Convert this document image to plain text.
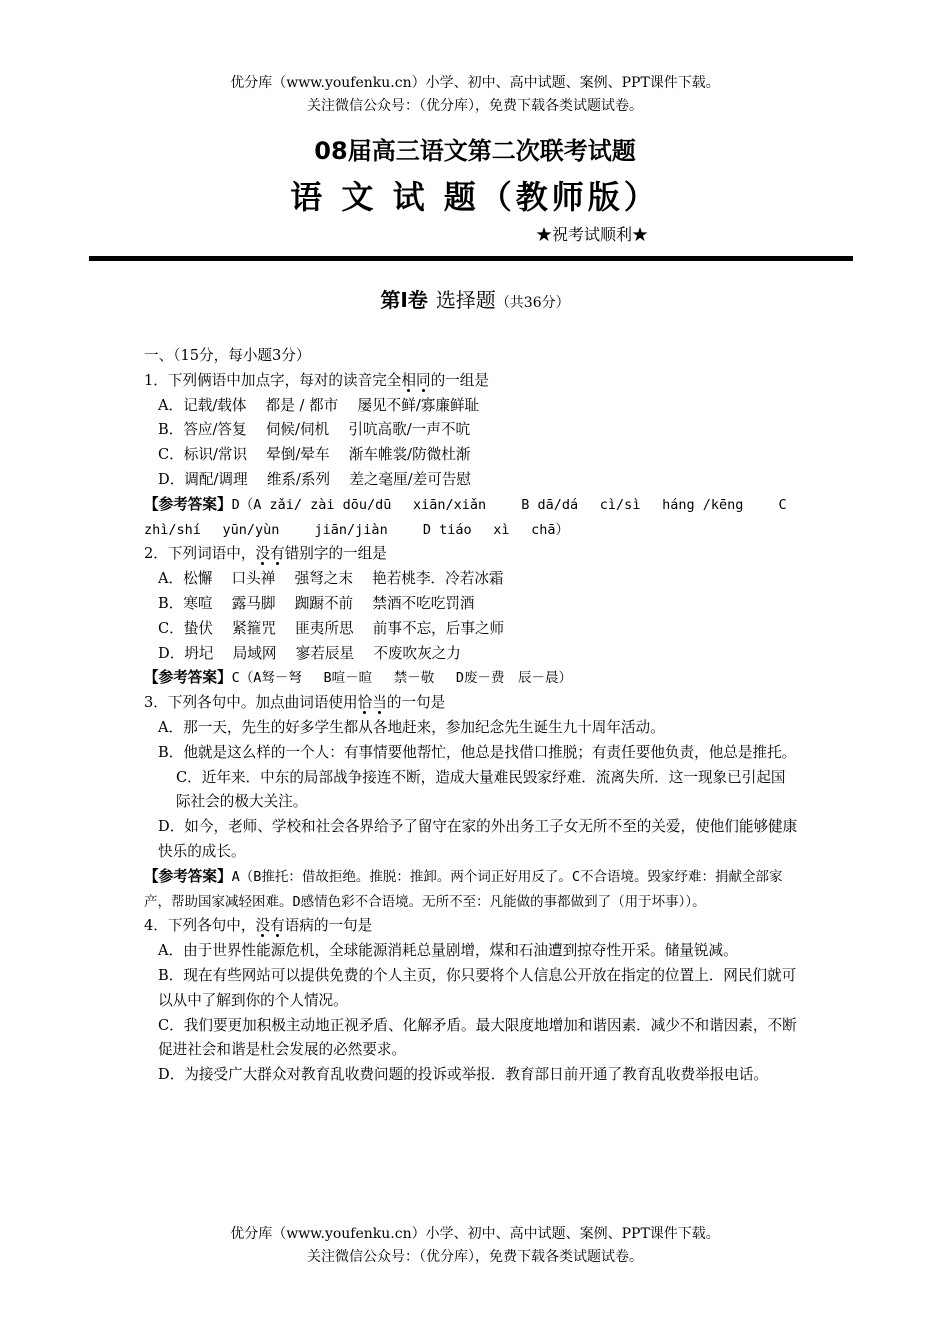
优分库（www.youfenku.cn）小学、初中、高中试题、案例、PPT课件下载。
关注微信公众号：（优分库），免费下载各类试题试卷。
08届高三语文第二次联考试题
语 文 试 题（教师版）
★祝考试顺利★
第Ⅰ卷 选择题（共36分）

一、（15分，每小题3分）

1．下列俩语中加点字，每对的读音完全相同的一组是

A．记载/载体　 都是 / 都市　 屡见不鲜/寡廉鲜耻

B．答应/答复　 伺候/伺机　 引吭高歌/一声不吭

C．标识/常识　 晕倒/晕车　 渐车帷裳/防微杜渐

D．调配/调理　 维系/系列　 差之毫厘/差可告慰

【参考答案】D（A zǎi/ zài dōu/dū　 xiān/xiǎn　　 B dā/dá　 cì/sì　 háng /kēng　　 C zhì/shí　 yūn/yùn　　 jiān/jiàn　　 D tiáo　 xì　 chā）

2．下列词语中，没有错别字的一组是

A．松懈　 口头禅　 强弩之末　 艳若桃李．冷若冰霜

B．寒喧　 露马脚　 踟蹰不前　 禁酒不吃吃罚酒

C．蛰伏　 紧箍咒　 匪夷所思　 前事不忘，后事之师

D．坍圮　 局域网　 寥若辰星　 不废吹灰之力

【参考答案】C（A驽－弩　 B喧－暄　 禁－敬　 D废－费　辰－晨）

3．下列各句中。加点曲词语使用恰当的一句是

A．那一天，先生的好多学生都从各地赶来，参加纪念先生诞生九十周年活动。

B．他就是这么样的一个人：有事情要他帮忙，他总是找借口推脱；有责任要他负责，他总是推托。

C．近年来．中东的局部战争接连不断，造成大量难民毁家纾难．流离失所．这一现象已引起国际社会的极大关注。

D．如今，老师、学校和社会各界给予了留守在家的外出务工子女无所不至的关爱，使他们能够健康快乐的成长。

【参考答案】A（B推托：借故拒绝。推脱：推卸。两个词正好用反了。C不合语境。毁家纾难：捐献全部家产，帮助国家减轻困难。D感情色彩不合语境。无所不至：凡能做的事都做到了（用于坏事））。

4．下列各句中，没有语病的一句是

A．由于世界性能源危机，全球能源消耗总量剧增，煤和石油遭到掠夺性开采。储量锐减。

B．现在有些网站可以提供免费的个人主页，你只要将个人信息公开放在指定的位置上．网民们就可以从中了解到你的个人情况。

C．我们要更加积极主动地正视矛盾、化解矛盾。最大限度地增加和谐因素．减少不和谐因素，不断促进社会和谐是杜会发展的必然要求。

D．为接受广大群众对教育乱收费问题的投诉或举报．教育部日前开通了教育乱收费举报电话。

优分库（www.youfenku.cn）小学、初中、高中试题、案例、PPT课件下载。
关注微信公众号：（优分库），免费下载各类试题试卷。
